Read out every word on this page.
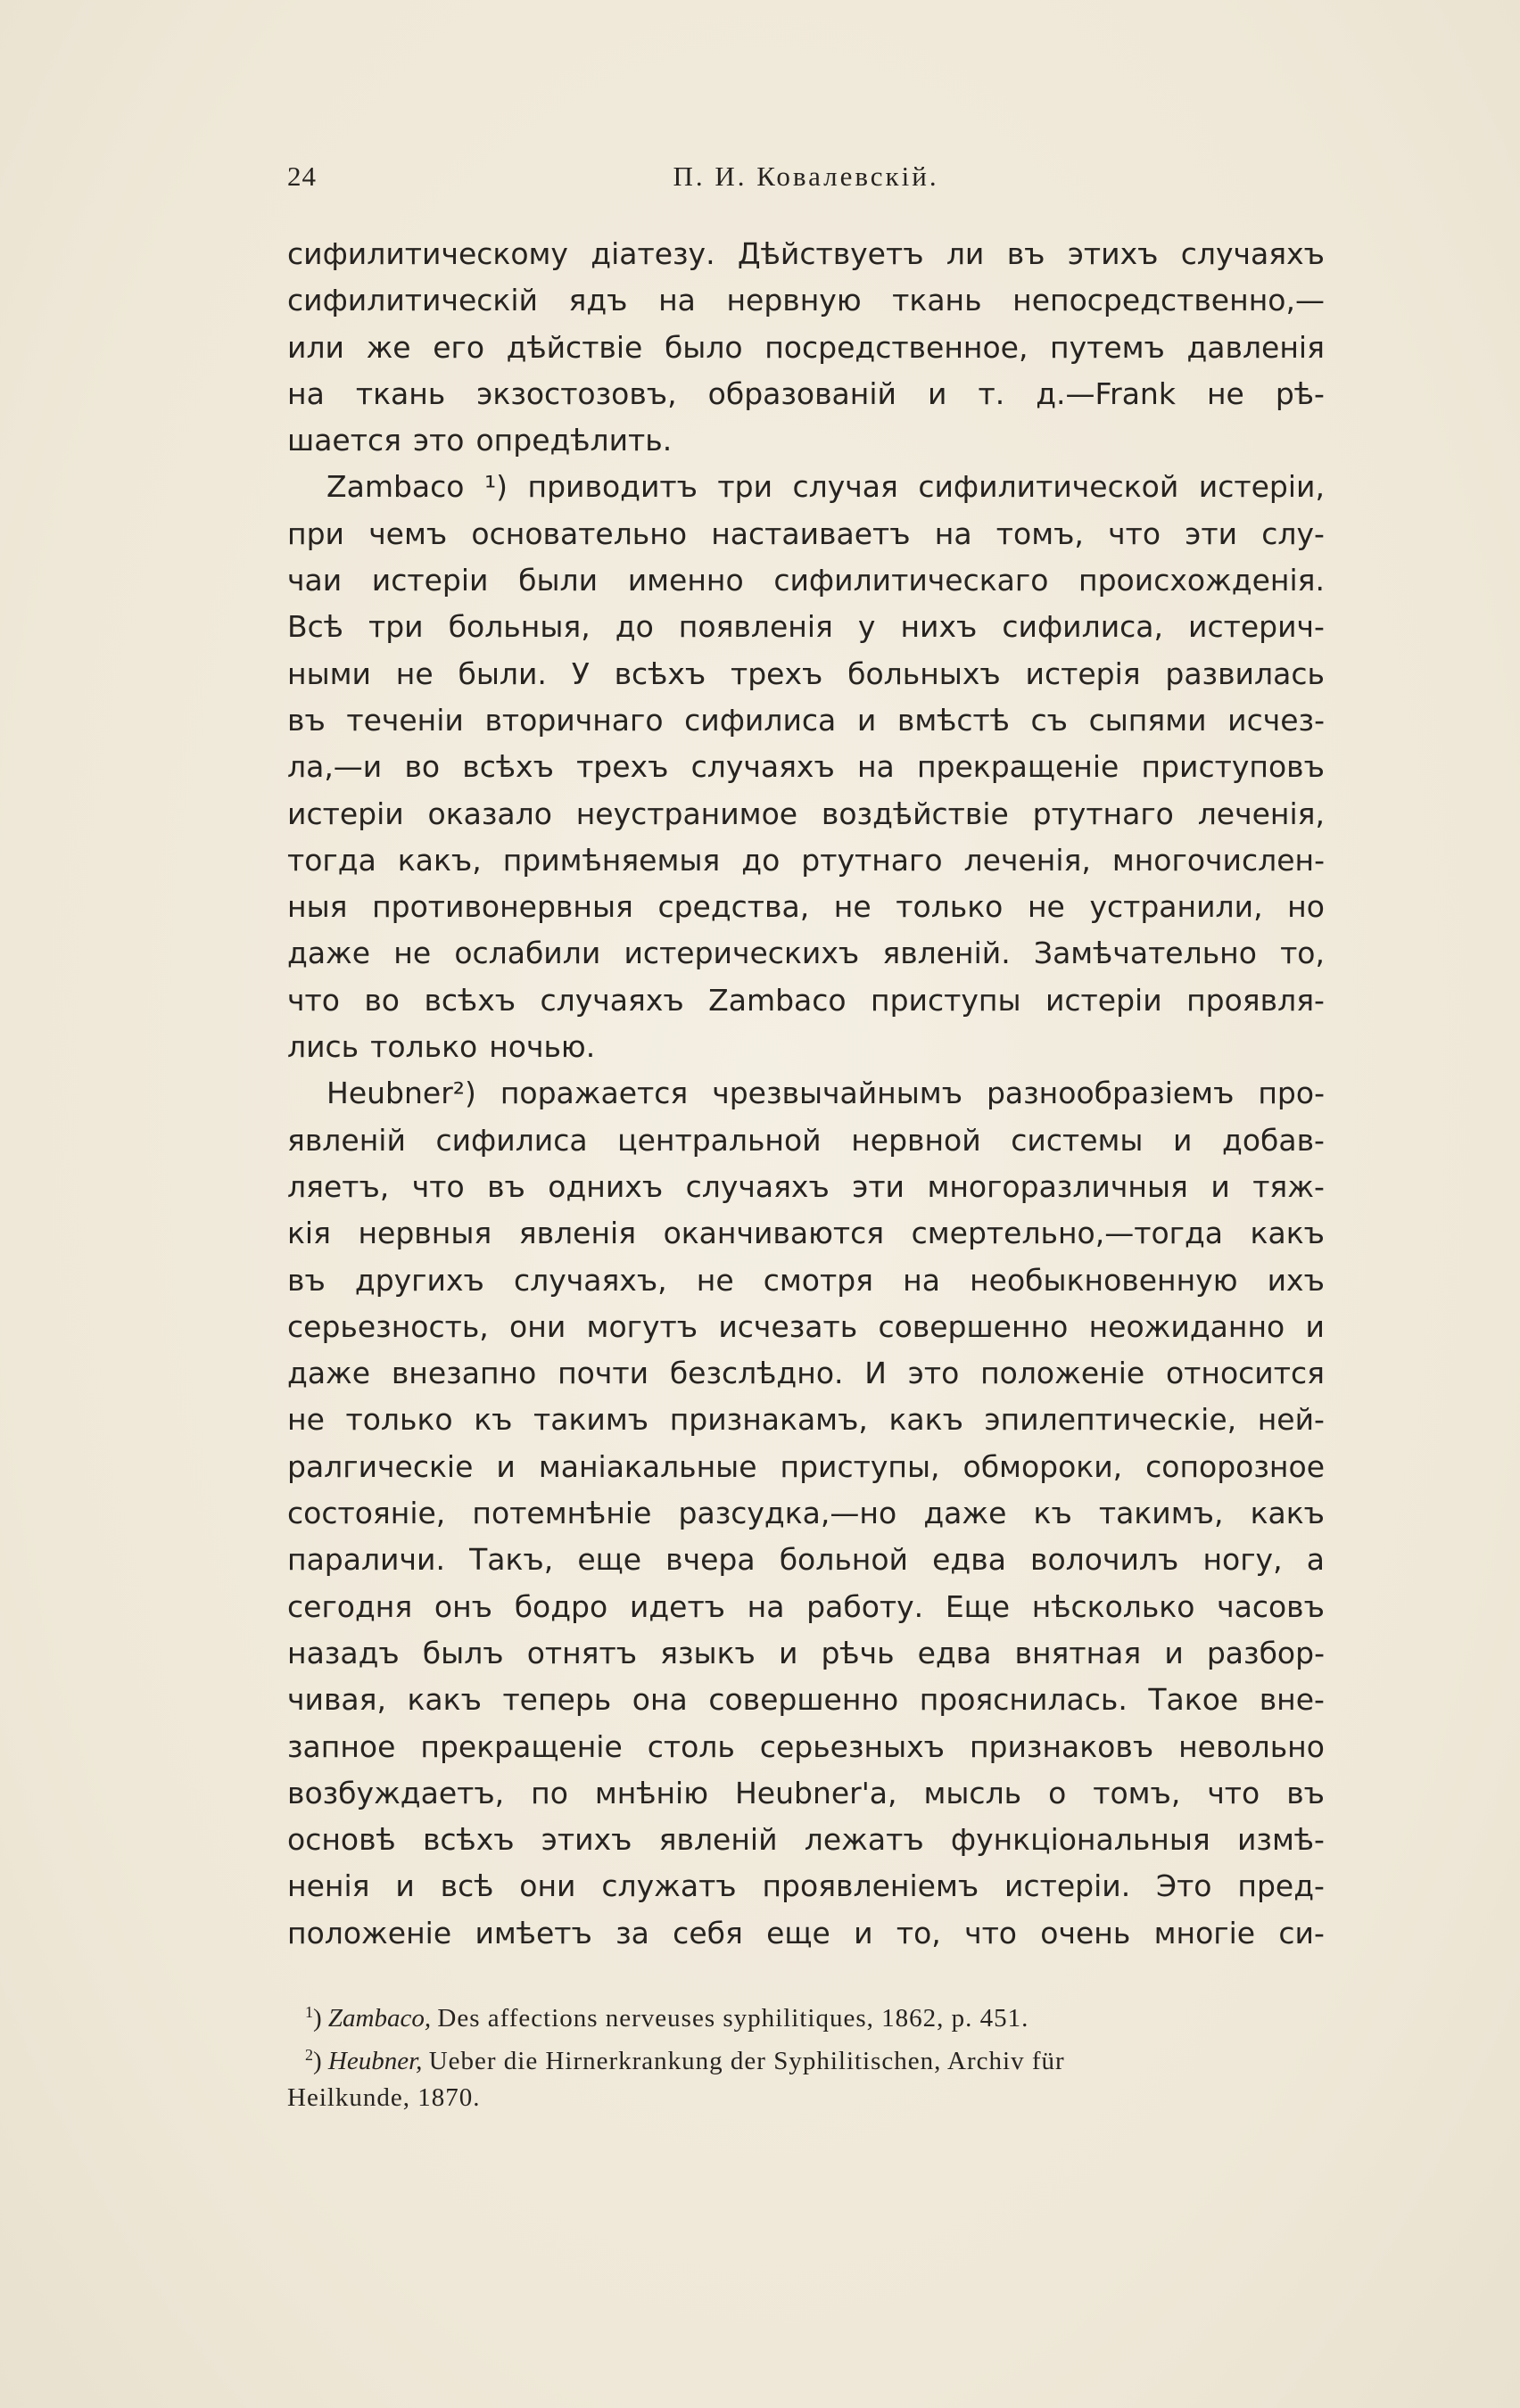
24	П. И. Ковалевскій.
сифилитическому діатезу. Дѣйствуетъ ли въ этихъ случаяхъ
сифилитическій ядъ на нервную ткань непосредственно,—
или же его дѣйствіе было посредственное, путемъ давленія
на ткань экзостозовъ, образованій и т. д.—Frank не рѣ-
шается это опредѣлить.
Zambaco ¹) приводитъ три случая сифилитической истеріи,
при чемъ основательно настаиваетъ на томъ, что эти слу-
чаи истеріи были именно сифилитическаго происхожденія.
Всѣ три больныя, до появленія у нихъ сифилиса, истерич-
ными не были. У всѣхъ трехъ больныхъ истерія развилась
въ теченіи вторичнаго сифилиса и вмѣстѣ съ сыпями исчез-
ла,—и во всѣхъ трехъ случаяхъ на прекращеніе приступовъ
истеріи оказало неустранимое воздѣйствіе ртутнаго леченія,
тогда какъ, примѣняемыя до ртутнаго леченія, многочислен-
ныя противонервныя средства, не только не устранили, но
даже не ослабили истерическихъ явленій. Замѣчательно то,
что во всѣхъ случаяхъ Zambaco приступы истеріи проявля-
лись только ночью.
Heubner²) поражается чрезвычайнымъ разнообразіемъ про-
явленій сифилиса центральной нервной системы и добав-
ляетъ, что въ однихъ случаяхъ эти многоразличныя и тяж-
кія нервныя явленія оканчиваются смертельно,—тогда какъ
въ другихъ случаяхъ, не смотря на необыкновенную ихъ
серьезность, они могутъ исчезать совершенно неожиданно и
даже внезапно почти безслѣдно. И это положеніе относится
не только къ такимъ признакамъ, какъ эпилептическіе, ней-
ралгическіе и маніакальные приступы, обмороки, сопорозное
состояніе, потемнѣніе разсудка,—но даже къ такимъ, какъ
параличи. Такъ, еще вчера больной едва волочилъ ногу, а
сегодня онъ бодро идетъ на работу. Еще нѣсколько часовъ
назадъ былъ отнятъ языкъ и рѣчь едва внятная и разбор-
чивая, какъ теперь она совершенно прояснилась. Такое вне-
запное прекращеніе столь серьезныхъ признаковъ невольно
возбуждаетъ, по мнѣнію Heubner'а, мысль о томъ, что въ
основѣ всѣхъ этихъ явленій лежатъ функціональныя измѣ-
ненія и всѣ они служатъ проявленіемъ истеріи. Это пред-
положеніе имѣетъ за себя еще и то, что очень многіе си-
$^1$) Zambaco, Des affections nerveuses syphilitiques, 1862, p. 451.
$^2$) Heubner, Ueber die Hirnerkrankung der Syphilitischen, Archiv für
Heilkunde, 1870.
